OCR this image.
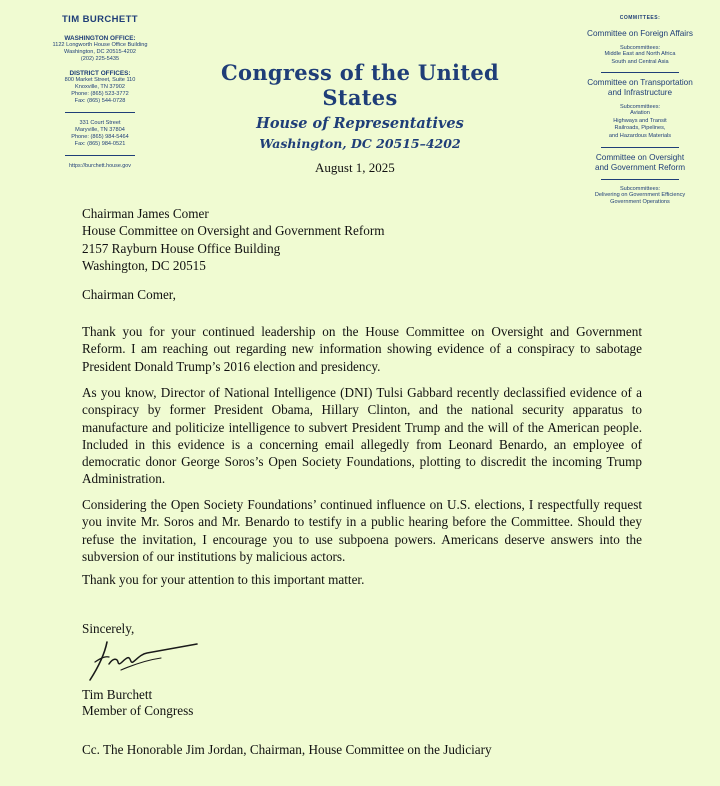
TIM BURCHETT
WASHINGTON OFFICE:
1122 Longworth House Office Building
Washington, DC 20515-4202
(202) 225-5435
DISTRICT OFFICES:
800 Market Street, Suite 110
Knoxville, TN 37902
Phone: (865) 523-3772
Fax: (865) 544-0728
331 Court Street
Maryville, TN 37804
Phone: (865) 984-5464
Fax: (865) 984-0521
https://burchett.house.gov
Congress of the United States
House of Representatives
Washington, DC 20515–4202
August 1, 2025
COMMITTEES:
Committee on Foreign Affairs
Subcommittees:
Middle East and North Africa
South and Central Asia
Committee on Transportation
and Infrastructure
Subcommittees:
Aviation
Highways and Transit
Railroads, Pipelines,
and Hazardous Materials
Committee on Oversight
and Government Reform
Subcommittees:
Delivering on Government Efficiency
Government Operations
Chairman James Comer
House Committee on Oversight and Government Reform
2157 Rayburn House Office Building
Washington, DC 20515
Chairman Comer,
Thank you for your continued leadership on the House Committee on Oversight and Government Reform. I am reaching out regarding new information showing evidence of a conspiracy to sabotage President Donald Trump’s 2016 election and presidency.
As you know, Director of National Intelligence (DNI) Tulsi Gabbard recently declassified evidence of a conspiracy by former President Obama, Hillary Clinton, and the national security apparatus to manufacture and politicize intelligence to subvert President Trump and the will of the American people. Included in this evidence is a concerning email allegedly from Leonard Benardo, an employee of democratic donor George Soros’s Open Society Foundations, plotting to discredit the incoming Trump Administration.
Considering the Open Society Foundations’ continued influence on U.S. elections, I respectfully request you invite Mr. Soros and Mr. Benardo to testify in a public hearing before the Committee. Should they refuse the invitation, I encourage you to use subpoena powers. Americans deserve answers into the subversion of our institutions by malicious actors.
Thank you for your attention to this important matter.
Sincerely,
Tim Burchett
Member of Congress
Cc. The Honorable Jim Jordan, Chairman, House Committee on the Judiciary
